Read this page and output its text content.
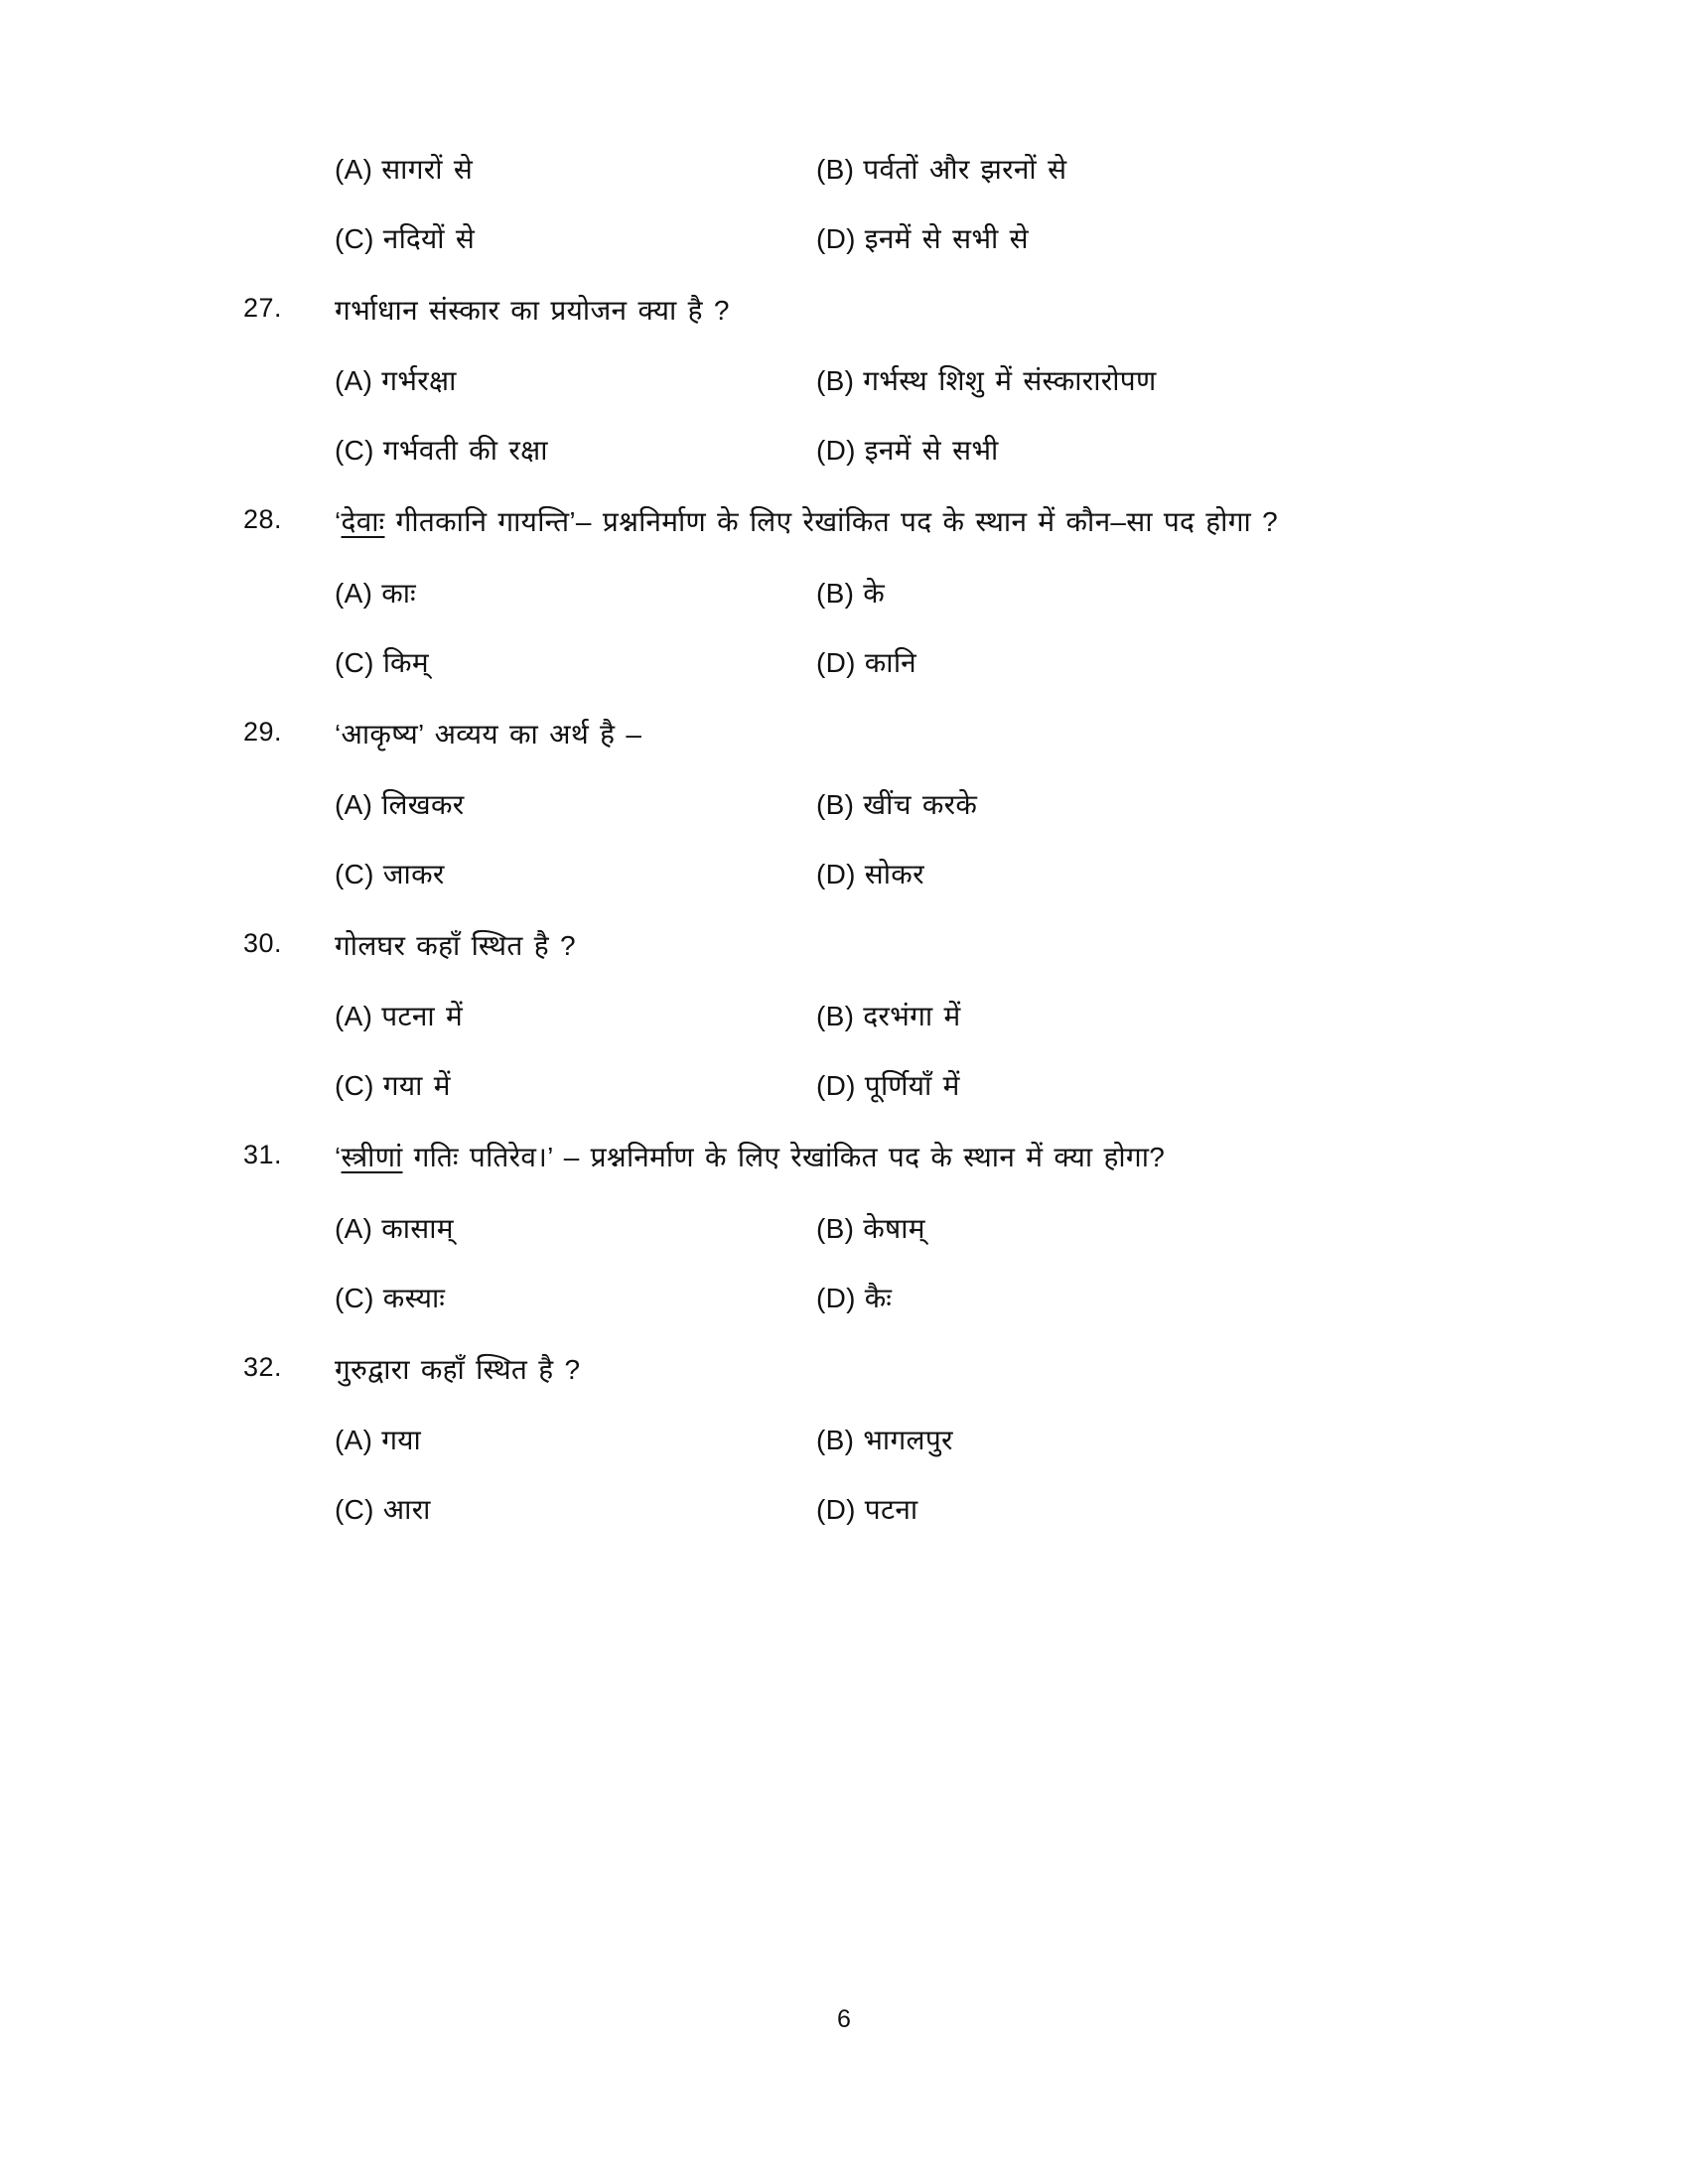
(A) सागरों से	(B) पर्वतों और झरनों से
(C) नदियों से	(D) इनमें से सभी से
27.	गर्भाधान संस्कार का प्रयोजन क्या है ?
(A) गर्भरक्षा	(B) गर्भस्थ शिशु में संस्कारारोपण
(C) गर्भवती की रक्षा	(D) इनमें से सभी
28.	‘देवाः गीतकानि गायन्ति’– प्रश्ननिर्माण के लिए रेखांकित पद के स्थान में कौन–सा पद होगा ?
(A) काः	(B) के
(C) किम्	(D) कानि
29.	‘आकृष्य’ अव्यय का अर्थ है –
(A) लिखकर	(B) खींच करके
(C) जाकर	(D) सोकर
30.	गोलघर कहाँ स्थित है ?
(A) पटना में	(B) दरभंगा में
(C) गया में	(D) पूर्णियाँ में
31.	‘स्त्रीणां गतिः पतिरेव।’ – प्रश्ननिर्माण के लिए रेखांकित पद के स्थान में क्या होगा?
(A) कासाम्	(B) केषाम्
(C) कस्याः	(D) कैः
32.	गुरुद्वारा कहाँ स्थित है ?
(A) गया	(B) भागलपुर
(C) आरा	(D) पटना
6
